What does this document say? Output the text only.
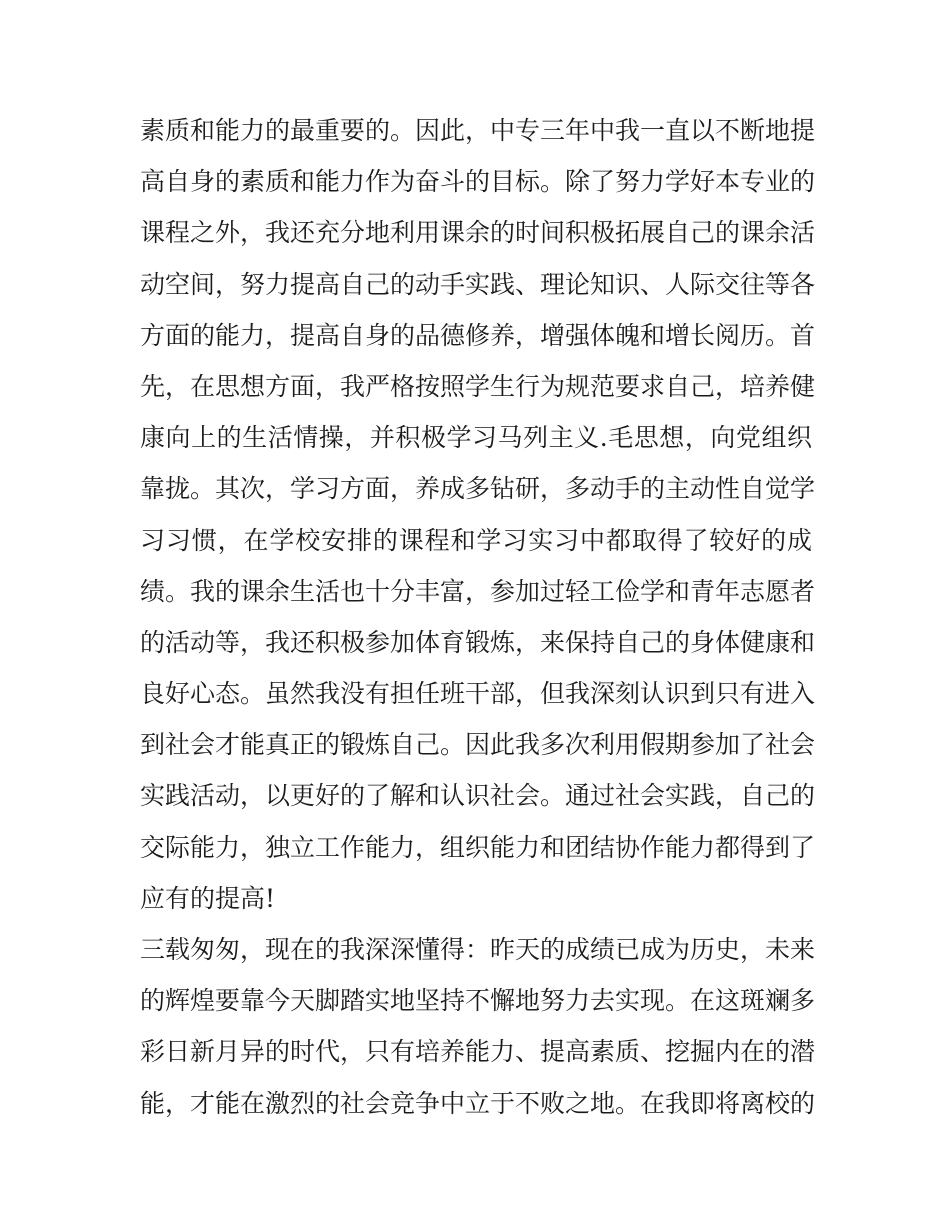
素质和能力的最重要的。因此，中专三年中我一直以不断地提
高自身的素质和能力作为奋斗的目标。除了努力学好本专业的
课程之外，我还充分地利用课余的时间积极拓展自己的课余活
动空间，努力提高自己的动手实践、理论知识、人际交往等各
方面的能力，提高自身的品德修养，增强体魄和增长阅历。首
先，在思想方面，我严格按照学生行为规范要求自己，培养健
康向上的生活情操，并积极学习马列主义.毛思想，向党组织
靠拢。其次，学习方面，养成多钻研，多动手的主动性自觉学
习习惯，在学校安排的课程和学习实习中都取得了较好的成
绩。我的课余生活也十分丰富，参加过轻工俭学和青年志愿者
的活动等，我还积极参加体育锻炼，来保持自己的身体健康和
良好心态。虽然我没有担任班干部，但我深刻认识到只有进入
到社会才能真正的锻炼自己。因此我多次利用假期参加了社会
实践活动，以更好的了解和认识社会。通过社会实践，自己的
交际能力，独立工作能力，组织能力和团结协作能力都得到了
应有的提高!
三载匆匆，现在的我深深懂得：昨天的成绩已成为历史，未来
的辉煌要靠今天脚踏实地坚持不懈地努力去实现。在这斑斓多
彩日新月异的时代，只有培养能力、提高素质、挖掘内在的潜
能，才能在激烈的社会竞争中立于不败之地。在我即将离校的
